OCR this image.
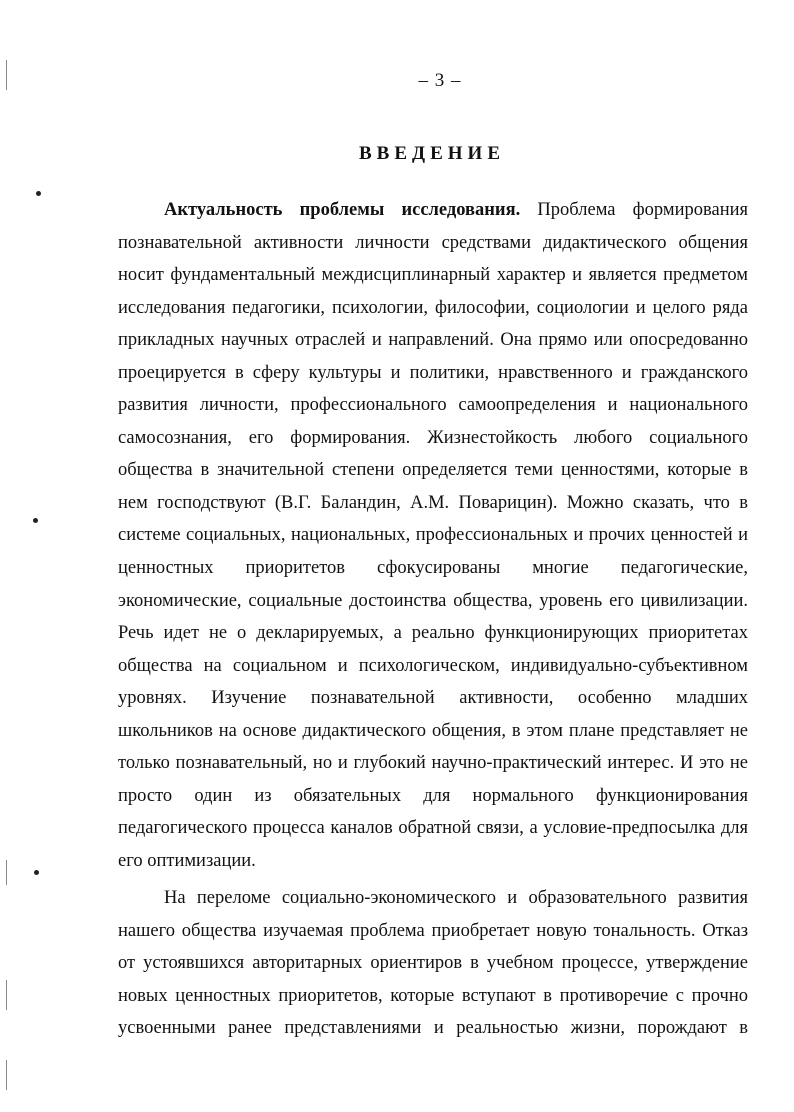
– 3 –
ВВЕДЕНИЕ
Актуальность проблемы исследования. Проблема формирования
познавательной активности личности средствами дидактического общения
носит фундаментальный междисциплинарный характер и является предметом
исследования педагогики, психологии, философии, социологии и целого ряда
прикладных научных отраслей и направлений. Она прямо или опосредованно
проецируется в сферу культуры и политики, нравственного и гражданского
развития личности, профессионального самоопределения и национального
самосознания, его формирования. Жизнестойкость любого социального
общества в значительной степени определяется теми ценностями, которые в
нем господствуют (В.Г. Баландин, А.М. Поварицин). Можно сказать, что в
системе социальных, национальных, профессиональных и прочих ценностей и
ценностных приоритетов сфокусированы многие педагогические,
экономические, социальные достоинства общества, уровень его цивилизации.
Речь идет не о декларируемых, а реально функционирующих приоритетах
общества на социальном и психологическом, индивидуально-субъективном
уровнях. Изучение познавательной активности, особенно младших
школьников на основе дидактического общения, в этом плане представляет не
только познавательный, но и глубокий научно-практический интерес. И это не
просто один из обязательных для нормального функционирования
педагогического процесса каналов обратной связи, а условие-предпосылка для
его оптимизации.
На переломе социально-экономического и образовательного развития
нашего общества изучаемая проблема приобретает новую тональность. Отказ
от устоявшихся авторитарных ориентиров в учебном процессе, утверждение
новых ценностных приоритетов, которые вступают в противоречие с прочно
усвоенными ранее представлениями и реальностью жизни, порождают в
